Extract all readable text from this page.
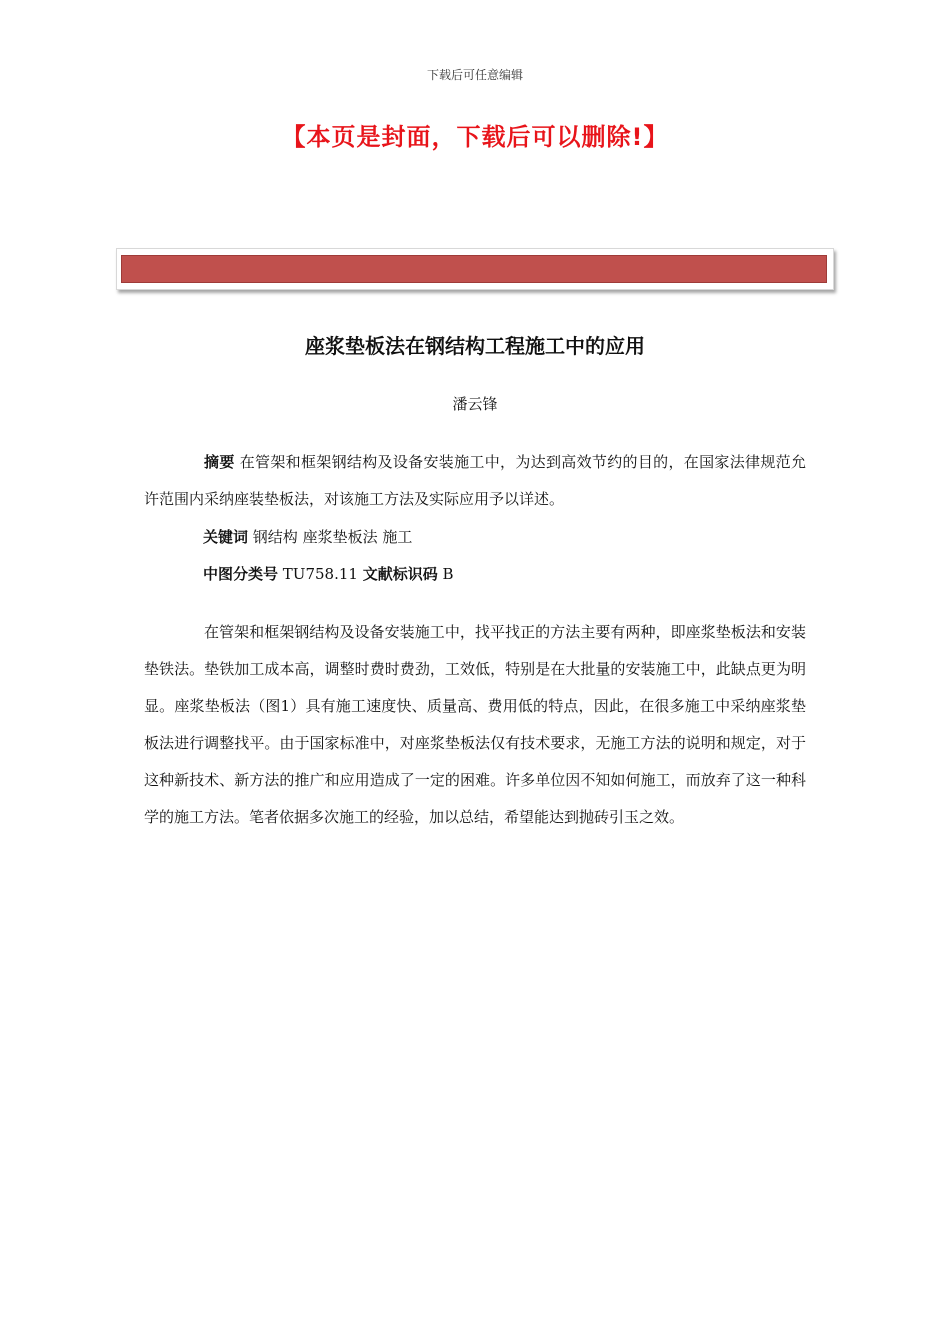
下载后可任意编辑
【本页是封面，下载后可以删除!】
座浆垫板法在钢结构工程施工中的应用
潘云锋
摘要 在管架和框架钢结构及设备安装施工中，为达到高效节约的目的，在国家法律规范允许范围内采纳座装垫板法，对该施工方法及实际应用予以详述。
关键词 钢结构 座浆垫板法 施工
中图分类号 TU758.11 文献标识码 B
在管架和框架钢结构及设备安装施工中，找平找正的方法主要有两种，即座浆垫板法和安装垫铁法。垫铁加工成本高，调整时费时费劲，工效低，特别是在大批量的安装施工中，此缺点更为明显。座浆垫板法（图1）具有施工速度快、质量高、费用低的特点，因此，在很多施工中采纳座浆垫板法进行调整找平。由于国家标准中，对座浆垫板法仅有技术要求，无施工方法的说明和规定，对于这种新技术、新方法的推广和应用造成了一定的困难。许多单位因不知如何施工，而放弃了这一种科学的施工方法。笔者依据多次施工的经验，加以总结，希望能达到抛砖引玉之效。
